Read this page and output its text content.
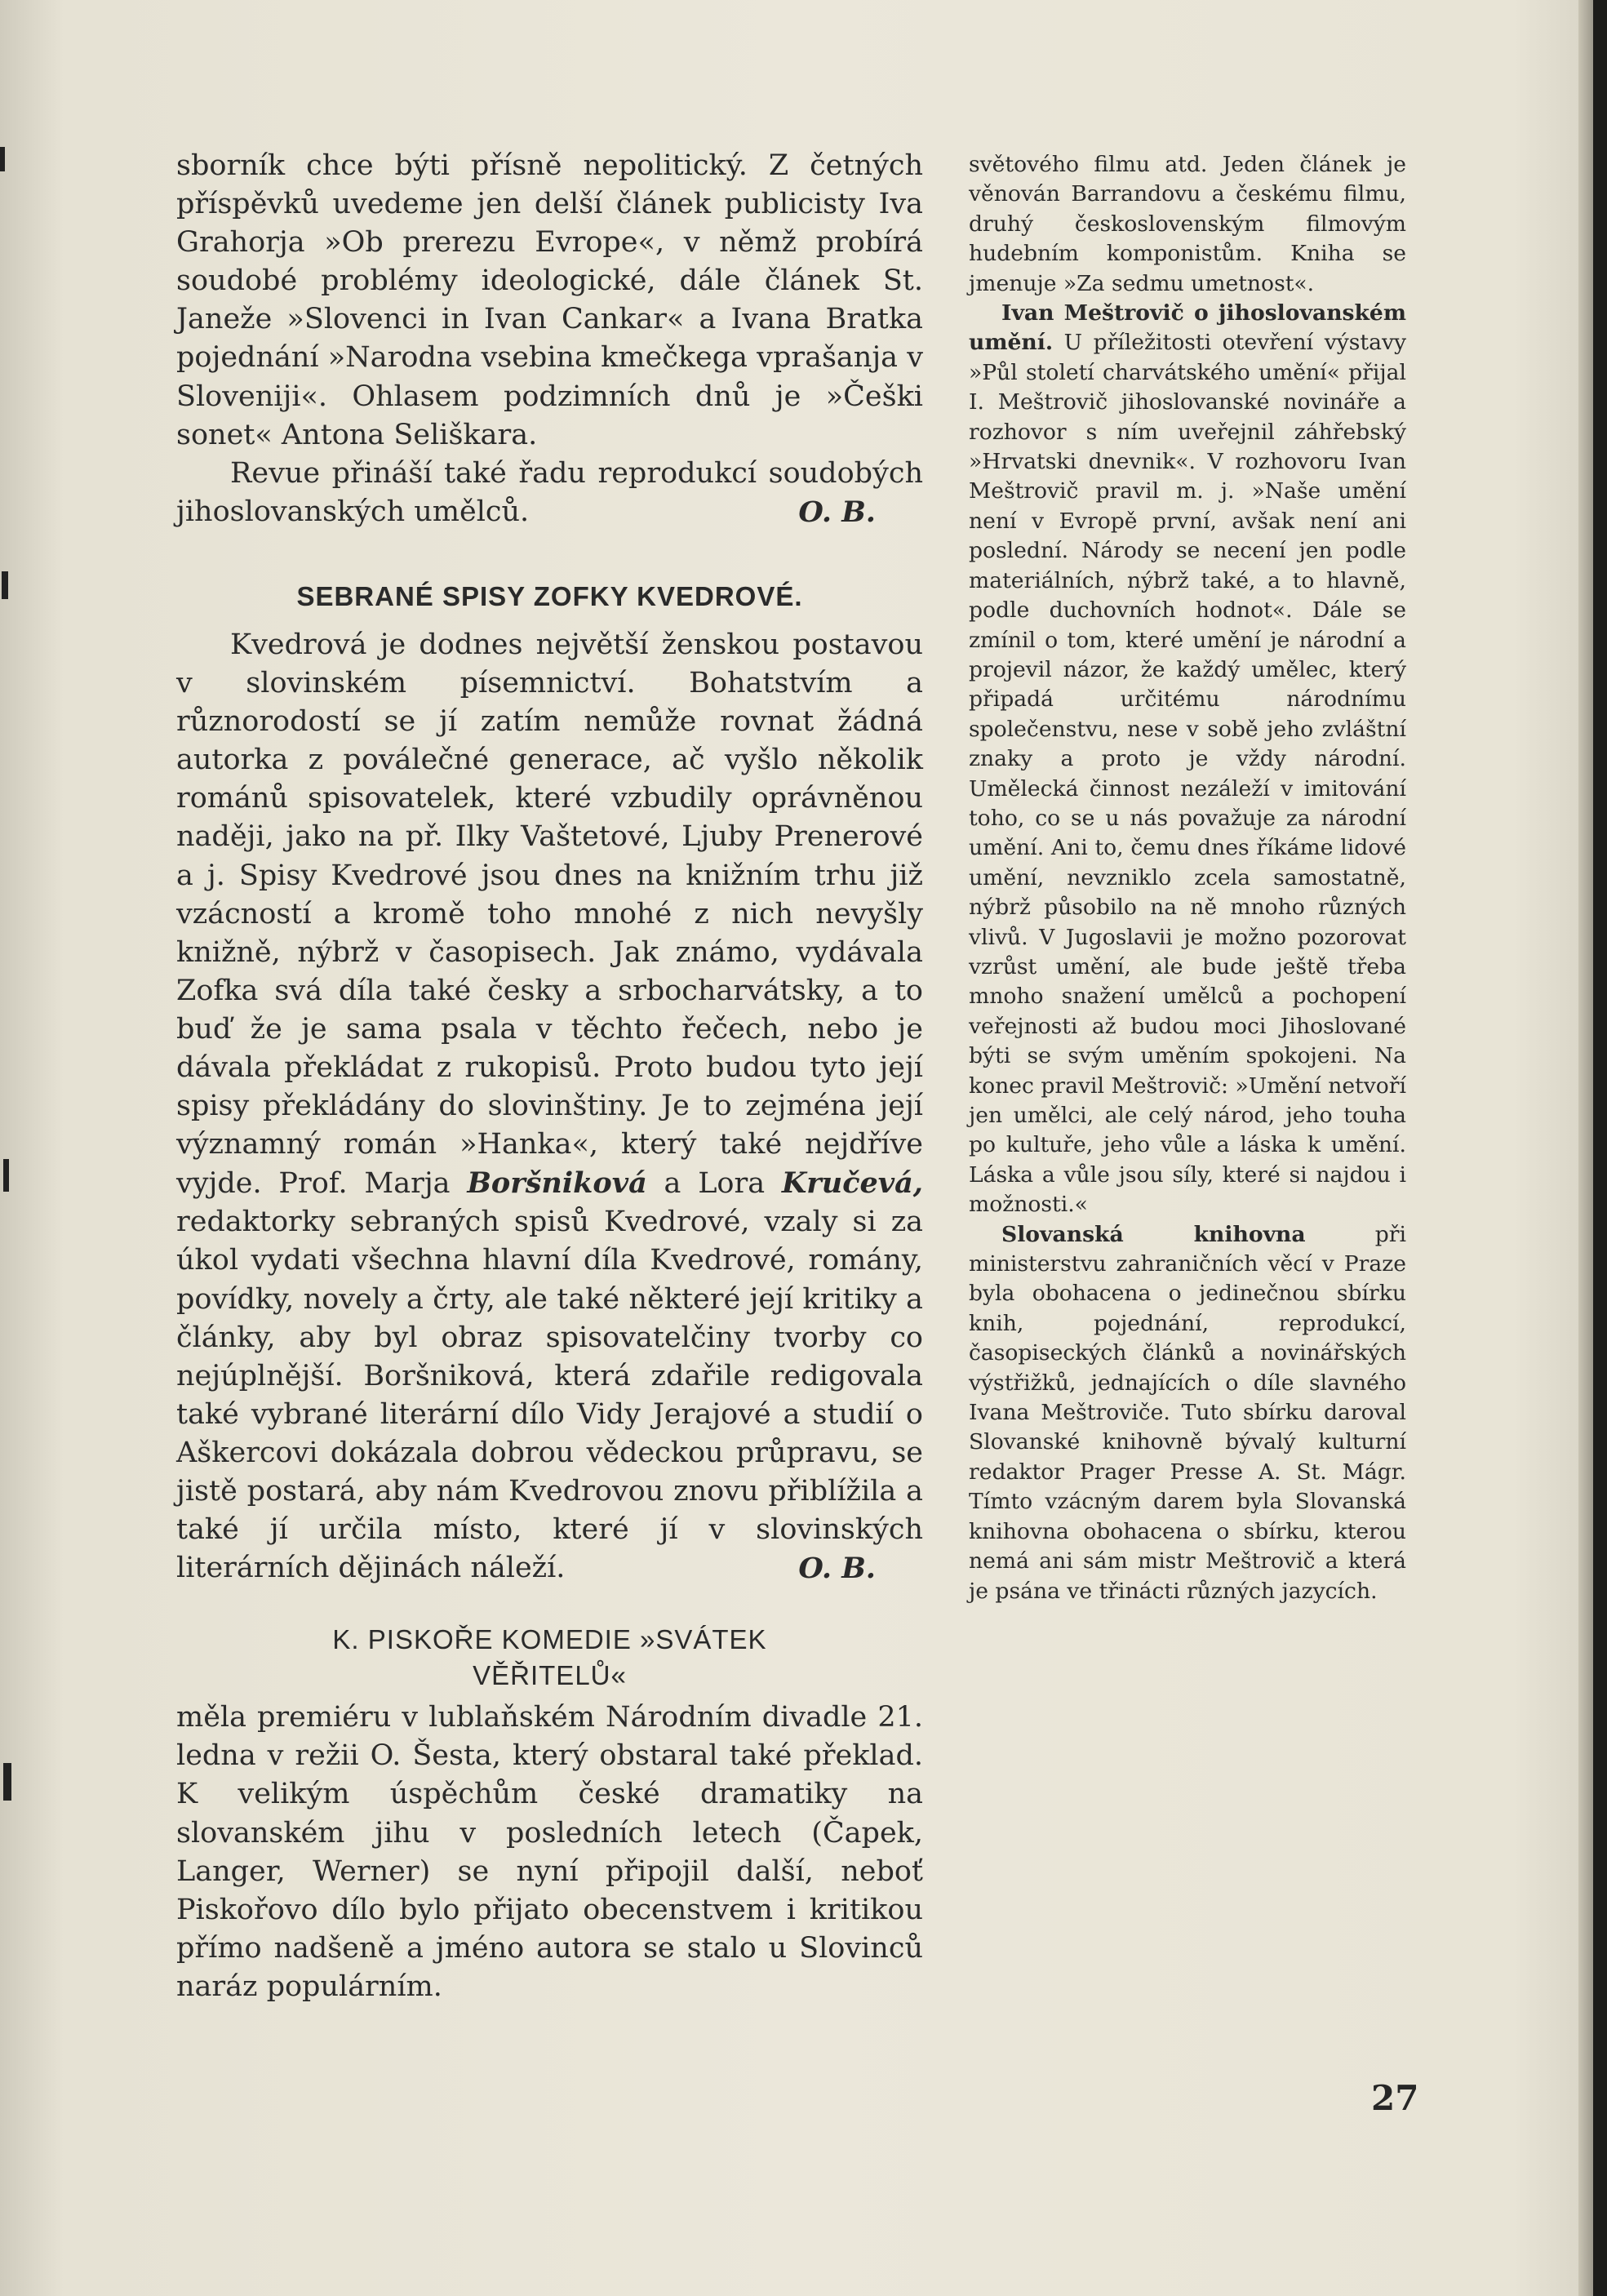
sborník chce býti přísně nepolitický. Z četných příspěvků uvedeme jen delší článek publicisty Iva Grahorja »Ob prerezu Evrope«, v němž probírá soudobé problémy ideologické, dále článek St. Janeže »Slovenci in Ivan Cankar« a Ivana Bratka pojednání »Narodna vsebina kmečkega vprašanja v Sloveniji«. Ohlasem podzimních dnů je »Češki sonet« Antona Seliškara.

Revue přináší také řadu reprodukcí soudobých jihoslovanských umělců.	O. B.

SEBRANÉ SPISY ZOFKY KVEDROVÉ.

Kvedrová je dodnes největší ženskou postavou v slovinském písemnictví. Bohatstvím a různorodostí se jí zatím nemůže rovnat žádná autorka z poválečné generace, ač vyšlo několik románů spisovatelek, které vzbudily oprávněnou naději, jako na př. Ilky Vaštetové, Ljuby Prenerové a j. Spisy Kvedrové jsou dnes na knižním trhu již vzácností a kromě toho mnohé z nich nevyšly knižně, nýbrž v časopisech. Jak známo, vydávala Zofka svá díla také česky a srbocharvátsky, a to buď že je sama psala v těchto řečech, nebo je dávala překládat z rukopisů. Proto budou tyto její spisy překládány do slovinštiny. Je to zejména její významný román »Hanka«, který také nejdříve vyjde. Prof. Marja Boršniková a Lora Kručevá, redaktorky sebraných spisů Kvedrové, vzaly si za úkol vydati všechna hlavní díla Kvedrové, romány, povídky, novely a črty, ale také některé její kritiky a články, aby byl obraz spisovatelčiny tvorby co nejúplnější. Boršniková, která zdařile redigovala také vybrané literární dílo Vidy Jerajové a studií o Aškercovi dokázala dobrou vědeckou průpravu, se jistě postará, aby nám Kvedrovou znovu přiblížila a také jí určila místo, které jí v slovinských literárních dějinách náleží.	O. B.

K. PISKOŘE KOMEDIE »SVÁTEK
VĚŘITELŮ«

měla premiéru v lublaňském Národním divadle 21. ledna v režii O. Šesta, který obstaral také překlad. K velikým úspěchům české dramatiky na slovanském jihu v posledních letech (Čapek, Langer, Werner) se nyní připojil další, neboť Piskořovo dílo bylo přijato obecenstvem i kritikou přímo nadšeně a jméno autora se stalo u Slovinců naráz populárním.

světového filmu atd. Jeden článek je věnován Barrandovu a českému filmu, druhý československým filmovým hudebním komponistům. Kniha se jmenuje »Za sedmu umetnost«.

Ivan Meštrovič o jihoslovanském umění. U příležitosti otevření výstavy »Půl století charvátského umění« přijal I. Meštrovič jihoslovanské novináře a rozhovor s ním uveřejnil záhřebský »Hrvatski dnevnik«. V rozhovoru Ivan Meštrovič pravil m. j. »Naše umění není v Evropě první, avšak není ani poslední. Národy se necení jen podle materiálních, nýbrž také, a to hlavně, podle duchovních hodnot«. Dále se zmínil o tom, které umění je národní a projevil názor, že každý umělec, který připadá určitému národnímu společenstvu, nese v sobě jeho zvláštní znaky a proto je vždy národní. Umělecká činnost nezáleží v imitování toho, co se u nás považuje za národní umění. Ani to, čemu dnes říkáme lidové umění, nevzniklo zcela samostatně, nýbrž působilo na ně mnoho různých vlivů. V Jugoslavii je možno pozorovat vzrůst umění, ale bude ještě třeba mnoho snažení umělců a pochopení veřejnosti až budou moci Jihoslované býti se svým uměním spokojeni. Na konec pravil Meštrovič: »Umění netvoří jen umělci, ale celý národ, jeho touha po kultuře, jeho vůle a láska k umění. Láska a vůle jsou síly, které si najdou i možnosti.«

Slovanská knihovna	při ministerstvu zahraničních věcí v Praze byla obohacena o jedinečnou sbírku knih, pojednání, reprodukcí, časopiseckých článků a novinářských výstřižků, jednajících o díle slavného Ivana Meštroviče. Tuto sbírku daroval Slovanské knihovně bývalý kulturní redaktor Prager Presse A. St. Mágr. Tímto vzácným darem byla Slovanská knihovna obohacena o sbírku, kterou nemá ani sám mistr Meštrovič a která je psána ve třinácti různých jazycích.

27
